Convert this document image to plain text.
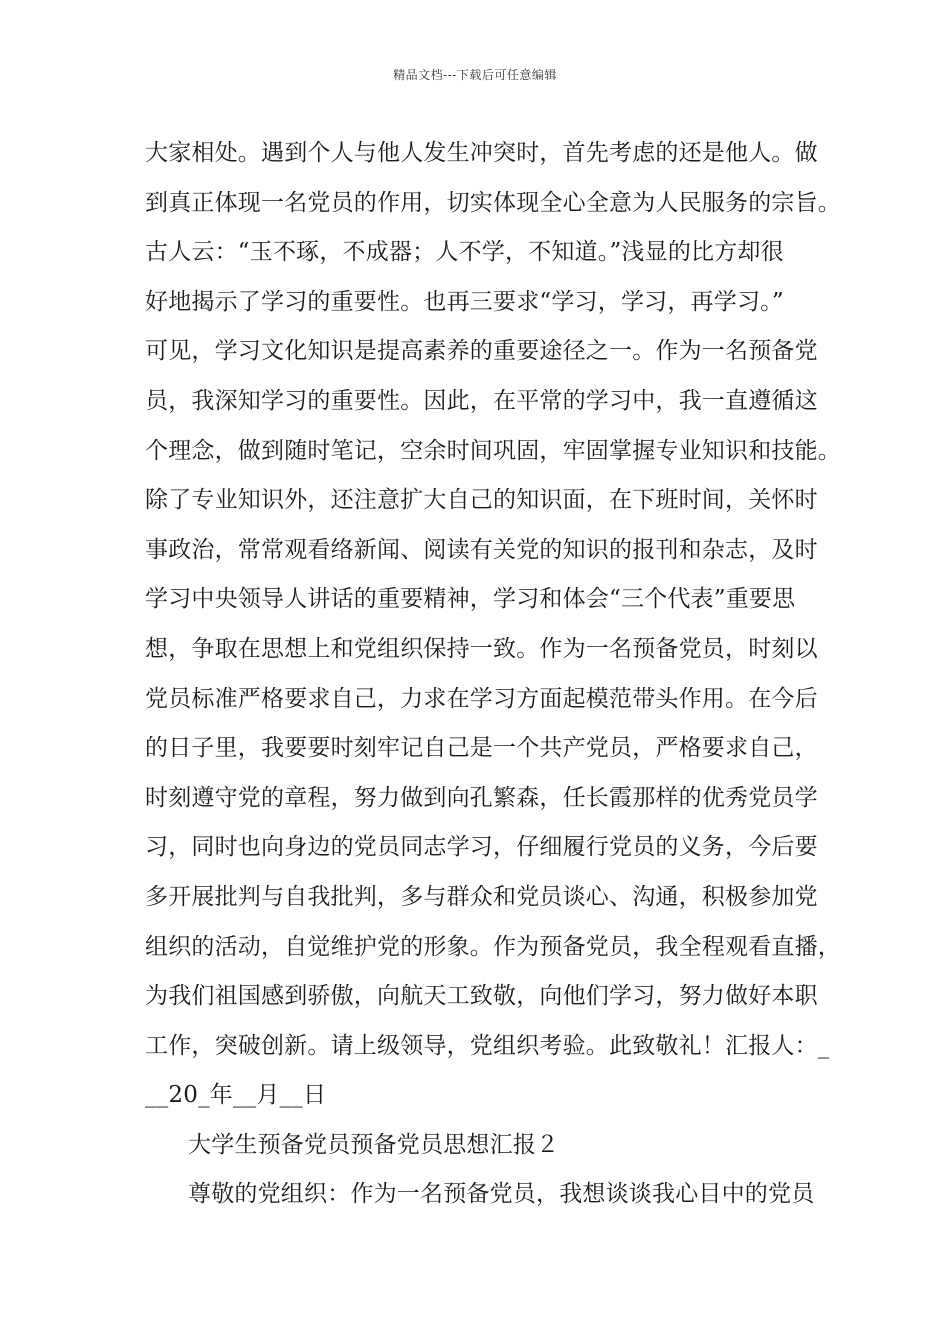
精品文档---下载后可任意编辑
大家相处。遇到个人与他人发生冲突时，首先考虑的还是他人。做
到真正体现一名党员的作用，切实体现全心全意为人民服务的宗旨。
古人云：“玉不琢，不成器；人不学，不知道。”浅显的比方却很
好地揭示了学习的重要性。也再三要求“学习，学习，再学习。”
可见，学习文化知识是提高素养的重要途径之一。作为一名预备党
员，我深知学习的重要性。因此，在平常的学习中，我一直遵循这
个理念，做到随时笔记，空余时间巩固，牢固掌握专业知识和技能。
除了专业知识外，还注意扩大自己的知识面，在下班时间，关怀时
事政治，常常观看络新闻、阅读有关党的知识的报刊和杂志，及时
学习中央领导人讲话的重要精神，学习和体会“三个代表”重要思
想，争取在思想上和党组织保持一致。作为一名预备党员，时刻以
党员标准严格要求自己，力求在学习方面起模范带头作用。在今后
的日子里，我要要时刻牢记自己是一个共产党员，严格要求自己，
时刻遵守党的章程，努力做到向孔繁森，任长霞那样的优秀党员学
习，同时也向身边的党员同志学习，仔细履行党员的义务，今后要
多开展批判与自我批判，多与群众和党员谈心、沟通，积极参加党
组织的活动，自觉维护党的形象。作为预备党员，我全程观看直播，
为我们祖国感到骄傲，向航天工致敬，向他们学习，努力做好本职
工作，突破创新。请上级领导，党组织考验。此致敬礼！汇报人：_
__20_年__月__日
大学生预备党员预备党员思想汇报２
尊敬的党组织：作为一名预备党员，我想谈谈我心目中的党员
